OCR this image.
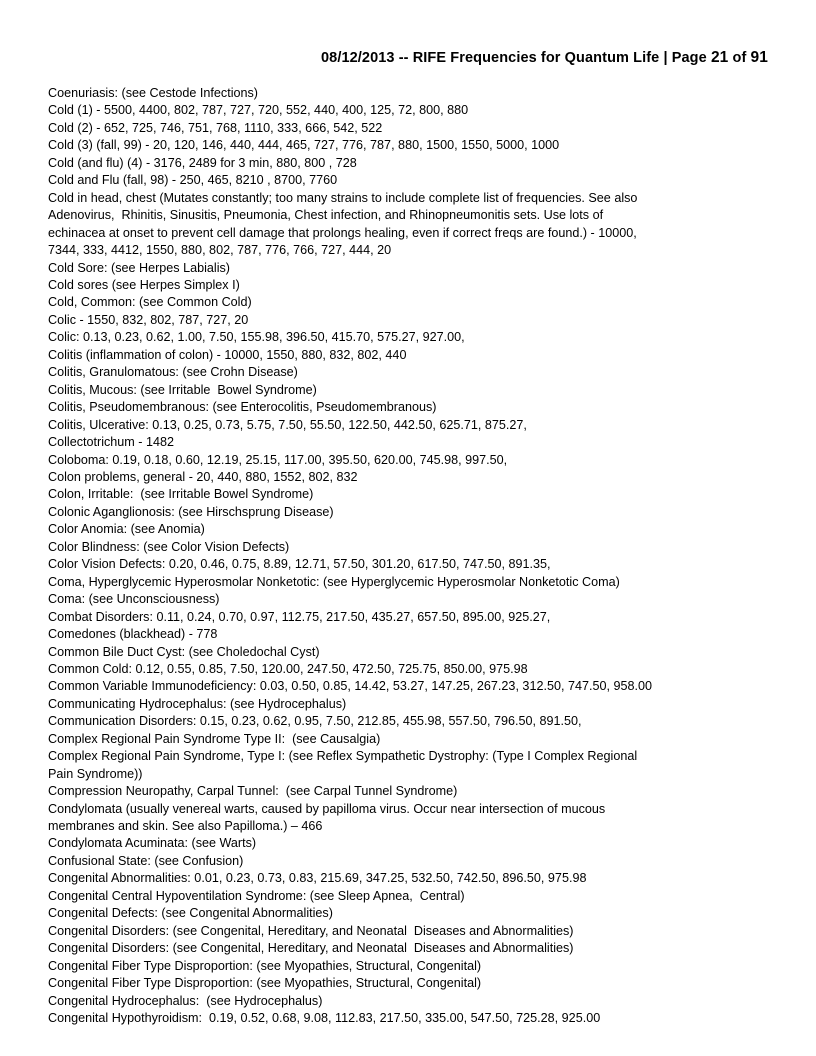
08/12/2013 -- RIFE Frequencies for Quantum Life | Page 21 of 91
Coenuriasis: (see Cestode Infections)
Cold (1) - 5500, 4400, 802, 787, 727, 720, 552, 440, 400, 125, 72, 800, 880
Cold (2) - 652, 725, 746, 751, 768, 1110, 333, 666, 542, 522
Cold (3) (fall, 99) - 20, 120, 146, 440, 444, 465, 727, 776, 787, 880, 1500, 1550, 5000, 1000
Cold (and flu) (4) - 3176, 2489 for 3 min, 880, 800 , 728
Cold and Flu (fall, 98) - 250, 465, 8210 , 8700, 7760
Cold in head, chest (Mutates constantly; too many strains to include complete list of frequencies. See also
Adenovirus,  Rhinitis, Sinusitis, Pneumonia, Chest infection, and Rhinopneumonitis sets. Use lots of
echinacea at onset to prevent cell damage that prolongs healing, even if correct freqs are found.) - 10000,
7344, 333, 4412, 1550, 880, 802, 787, 776, 766, 727, 444, 20
Cold Sore: (see Herpes Labialis)
Cold sores (see Herpes Simplex I)
Cold, Common: (see Common Cold)
Colic - 1550, 832, 802, 787, 727, 20
Colic: 0.13, 0.23, 0.62, 1.00, 7.50, 155.98, 396.50, 415.70, 575.27, 927.00,
Colitis (inflammation of colon) - 10000, 1550, 880, 832, 802, 440
Colitis, Granulomatous: (see Crohn Disease)
Colitis, Mucous: (see Irritable  Bowel Syndrome)
Colitis, Pseudomembranous: (see Enterocolitis, Pseudomembranous)
Colitis, Ulcerative: 0.13, 0.25, 0.73, 5.75, 7.50, 55.50, 122.50, 442.50, 625.71, 875.27,
Collectotrichum - 1482
Coloboma: 0.19, 0.18, 0.60, 12.19, 25.15, 117.00, 395.50, 620.00, 745.98, 997.50,
Colon problems, general - 20, 440, 880, 1552, 802, 832
Colon, Irritable:  (see Irritable Bowel Syndrome)
Colonic Aganglionosis: (see Hirschsprung Disease)
Color Anomia: (see Anomia)
Color Blindness: (see Color Vision Defects)
Color Vision Defects: 0.20, 0.46, 0.75, 8.89, 12.71, 57.50, 301.20, 617.50, 747.50, 891.35,
Coma, Hyperglycemic Hyperosmolar Nonketotic: (see Hyperglycemic Hyperosmolar Nonketotic Coma)
Coma: (see Unconsciousness)
Combat Disorders: 0.11, 0.24, 0.70, 0.97, 112.75, 217.50, 435.27, 657.50, 895.00, 925.27,
Comedones (blackhead) - 778
Common Bile Duct Cyst: (see Choledochal Cyst)
Common Cold: 0.12, 0.55, 0.85, 7.50, 120.00, 247.50, 472.50, 725.75, 850.00, 975.98
Common Variable Immunodeficiency: 0.03, 0.50, 0.85, 14.42, 53.27, 147.25, 267.23, 312.50, 747.50, 958.00
Communicating Hydrocephalus: (see Hydrocephalus)
Communication Disorders: 0.15, 0.23, 0.62, 0.95, 7.50, 212.85, 455.98, 557.50, 796.50, 891.50,
Complex Regional Pain Syndrome Type II:  (see Causalgia)
Complex Regional Pain Syndrome, Type I: (see Reflex Sympathetic Dystrophy: (Type I Complex Regional
Pain Syndrome))
Compression Neuropathy, Carpal Tunnel:  (see Carpal Tunnel Syndrome)
Condylomata (usually venereal warts, caused by papilloma virus. Occur near intersection of mucous
membranes and skin. See also Papilloma.) – 466
Condylomata Acuminata: (see Warts)
Confusional State: (see Confusion)
Congenital Abnormalities: 0.01, 0.23, 0.73, 0.83, 215.69, 347.25, 532.50, 742.50, 896.50, 975.98
Congenital Central Hypoventilation Syndrome: (see Sleep Apnea,  Central)
Congenital Defects: (see Congenital Abnormalities)
Congenital Disorders: (see Congenital, Hereditary, and Neonatal  Diseases and Abnormalities)
Congenital Disorders: (see Congenital, Hereditary, and Neonatal  Diseases and Abnormalities)
Congenital Fiber Type Disproportion: (see Myopathies, Structural, Congenital)
Congenital Fiber Type Disproportion: (see Myopathies, Structural, Congenital)
Congenital Hydrocephalus:  (see Hydrocephalus)
Congenital Hypothyroidism:  0.19, 0.52, 0.68, 9.08, 112.83, 217.50, 335.00, 547.50, 725.28, 925.00
